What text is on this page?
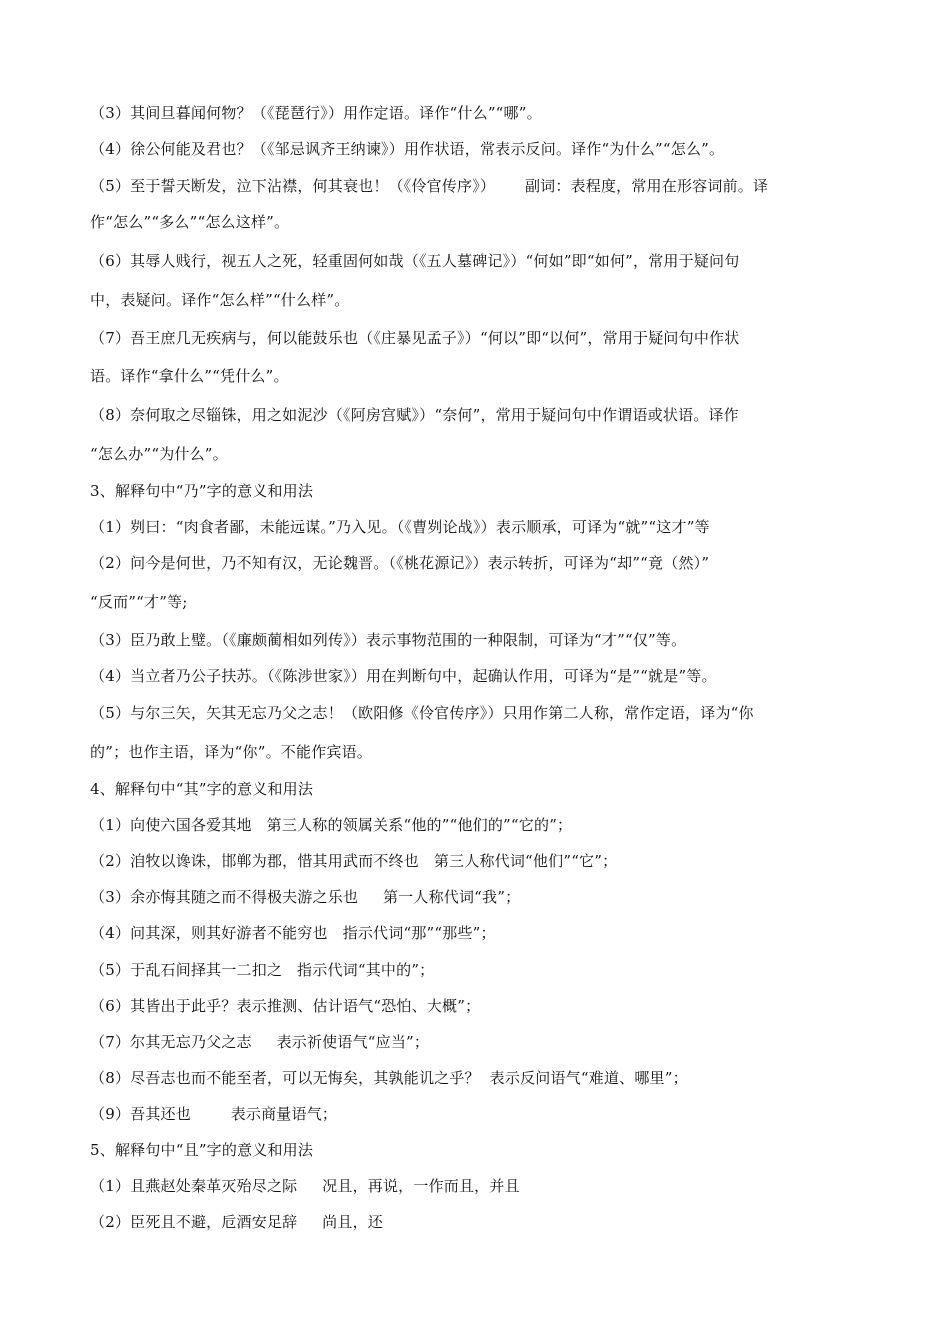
（3）其间旦暮闻何物？（《琵琶行》）用作定语。译作“什么”“哪”。
（4）徐公何能及君也？（《邹忌讽齐王纳谏》）用作状语，常表示反问。译作“为什么”“怎么”。
（5）至于誓天断发，泣下沾襟，何其衰也！（《伶官传序》）      副词：表程度，常用在形容词前。译
作“怎么”“多么”“怎么这样”。
（6）其辱人贱行，视五人之死，轻重固何如哉（《五人墓碑记》）“何如”即“如何”，常用于疑问句
中，表疑问。译作“怎么样”“什么样”。
（7）吾王庶几无疾病与，何以能鼓乐也（《庄暴见孟子》）“何以”即“以何”，常用于疑问句中作状
语。译作“拿什么”“凭什么”。
（8）奈何取之尽锱铢，用之如泥沙（《阿房宫赋》）“奈何”，常用于疑问句中作谓语或状语。译作
“怎么办”“为什么”。
3、解释句中“乃”字的意义和用法
（1）刿曰：“肉食者鄙，未能远谋。”乃入见。（《曹刿论战》）表示顺承，可译为“就”“这才”等
（2）问今是何世，乃不知有汉，无论魏晋。（《桃花源记》）表示转折，可译为“却”“竟（然）”
“反而”“才”等;
（3）臣乃敢上璧。（《廉颇蔺相如列传》）表示事物范围的一种限制，可译为“才”“仅”等。
（4）当立者乃公子扶苏。（《陈涉世家》）用在判断句中，起确认作用，可译为“是”“就是”等。
（5）与尔三矢，矢其无忘乃父之志！（欧阳修《伶官传序》）只用作第二人称，常作定语，译为“你
的”；也作主语，译为“你”。不能作宾语。
4、解释句中“其”字的意义和用法
（1）向使六国各爱其地   第三人称的领属关系“他的”“他们的”“它的”；
（2）洎牧以谗诛，邯郸为郡，惜其用武而不终也   第三人称代词“他们”“它”；
（3）余亦悔其随之而不得极夫游之乐也     第一人称代词“我”；
（4）问其深，则其好游者不能穷也   指示代词“那”“那些”；
（5）于乱石间择其一二扣之   指示代词“其中的”；
（6）其皆出于此乎？表示推测、估计语气“恐怕、大概”；
（7）尔其无忘乃父之志     表示祈使语气“应当”；
（8）尽吾志也而不能至者，可以无悔矣，其孰能讥之乎？  表示反问语气“难道、哪里”；
（9）吾其还也        表示商量语气；
5、解释句中“且”字的意义和用法
（1）且燕赵处秦革灭殆尽之际     况且，再说，一作而且，并且
（2）臣死且不避，卮酒安足辞     尚且，还
